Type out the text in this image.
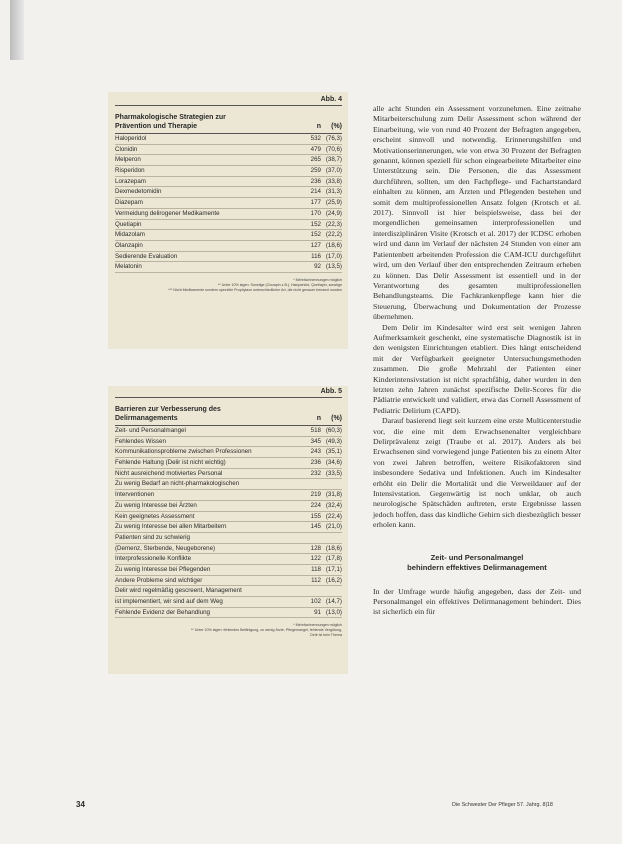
Abb. 4
Pharmakologische Strategien zur
Prävention und Therapie	n	(%)
Haloperidol	532 (76,3)
Clonidin	479 (70,6)
Melperon	265 (38,7)
Risperidon	259 (37,0)
Lorazepam	236 (33,8)
Dexmedetomidin	214 (31,3)
Diazepam	177 (25,9)
Vermeidung delirogener Medikamente	170 (24,9)
Quetiapin	152 (22,3)
Midazolam	152 (22,2)
Olanzapin	127 (18,6)
Sedierende Evaluation	116 (17,0)
Melatonin	92 (13,5)
* Mehrfachnennungen möglich
** Unter 10% lagen: Sonstige (Clozapin z.B.), Haloperidol, Quetiapin, sonstige
*** Nicht Medikamente sondern spezielle Prophylaxe unterschiedlicher Art, die nicht genauer benannt wurden
Abb. 5
Barrieren zur Verbesserung des
Delirmanagements	n	(%)
Zeit- und Personalmangel	518 (60,3)
Fehlendes Wissen	345 (49,3)
Kommunikationsprobleme zwischen Professionen	243 (35,1)
Fehlende Haltung (Delir ist nicht wichtig)	236 (34,6)
Nicht ausreichend motiviertes Personal	232 (33,5)
Zu wenig Bedarf an nicht-pharmakologischen
Interventionen	219 (31,8)
Zu wenig Interesse bei Ärzten	224 (32,4)
Kein geeignetes Assessment	155 (22,4)
Zu wenig Interesse bei allen Mitarbeitern	145 (21,0)
Patienten sind zu schwierig
(Demenz, Sterbende, Neugeborene)	128 (18,6)
Interprofessionelle Konflikte	122 (17,8)
Zu wenig Interesse bei Pflegenden	118 (17,1)
Andere Probleme sind wichtiger	112 (16,2)
Delir wird regelmäßig gescreent, Management
ist implementiert, wir sind auf dem Weg	102 (14,7)
Fehlende Evidenz der Behandlung	91 (13,0)
* Mehrfachnennungen möglich
** Unter 10% lagen: fehlendes Befähigung, zu wenig Ärzte, Pflegemangel, fehlende Vergütung,
Delir ist kein Thema

alle acht Stunden ein Assessment vorzunehmen. Eine zeitnahe Mitarbeiterschulung zum Delir Assessment schon während der Einarbeitung, wie von rund 40 Prozent der Befragten angegeben, erscheint sinnvoll und notwendig. Erinnerungshilfen und Motivationserinnerungen, wie von etwa 30 Prozent der Befragten genannt, können speziell für schon eingearbeitete Mitarbeiter eine Unterstützung sein. Die Personen, die das Assessment durchführen, sollten, um den Fachpflege- und Fachartstandard einhalten zu können, am Ärzten und Pflegenden bestehen und somit dem multiprofessionellen Ansatz folgen (Krotsch et al. 2017). Sinnvoll ist hier beispielsweise, dass bei der morgendlichen gemeinsamen interprofessionellen und interdisziplinären Visite (Krotsch et al. 2017) der ICDSC erhoben wird und dann im Verlauf der nächsten 24 Stunden von einer am Patientenbett arbeitenden Profession die CAM-ICU durchgeführt wird, um den Verlauf über den entsprechenden Zeitraum erheben zu können. Das Delir Assessment ist essentiell und in der Verantwortung des gesamten multiprofessionellen Behandlungsteams. Die Fachkrankenpflege kann hier die Steuerung, Überwachung und Dokumentation der Prozesse übernehmen.

Dem Delir im Kindesalter wird erst seit wenigen Jahren Aufmerksamkeit geschenkt, eine systematische Diagnostik ist in den wenigsten Einrichtungen etabliert. Dies hängt entscheidend mit der Verfügbarkeit geeigneter Untersuchungsmethoden zusammen. Die große Mehrzahl der Patienten einer Kinderintensivstation ist nicht sprachfähig, daher wurden in den letzten zehn Jahren zunächst spezifische Delir-Scores für die Pädiatrie entwickelt und validiert, etwa das Cornell Assessment of Pediatric Delirium (CAPD).

Darauf basierend liegt seit kurzem eine erste Multicenterstudie vor, die eine mit dem Erwachsenenalter vergleichbare Delirprävalenz zeigt (Traube et al. 2017). Anders als bei Erwachsenen sind vorwiegend junge Patienten bis zu einem Alter von zwei Jahren betroffen, weitere Risikofaktoren sind insbesondere Sedativa und Infektionen. Auch im Kindesalter erhöht ein Delir die Mortalität und die Verweildauer auf der Intensivstation. Gegenwärtig ist noch unklar, ob auch neurologische Spätschäden auftreten, erste Ergebnisse lassen jedoch hoffen, dass das kindliche Gehirn sich diesbezüglich besser erholen kann.

Zeit- und Personalmangel
behindern effektives Delirmanagement

In der Umfrage wurde häufig angegeben, dass der Zeit- und Personalmangel ein effektives Delirmanagement behindert. Dies ist sicherlich ein für

34	Die Schwester Der Pfleger 57. Jahrg. 8|18
